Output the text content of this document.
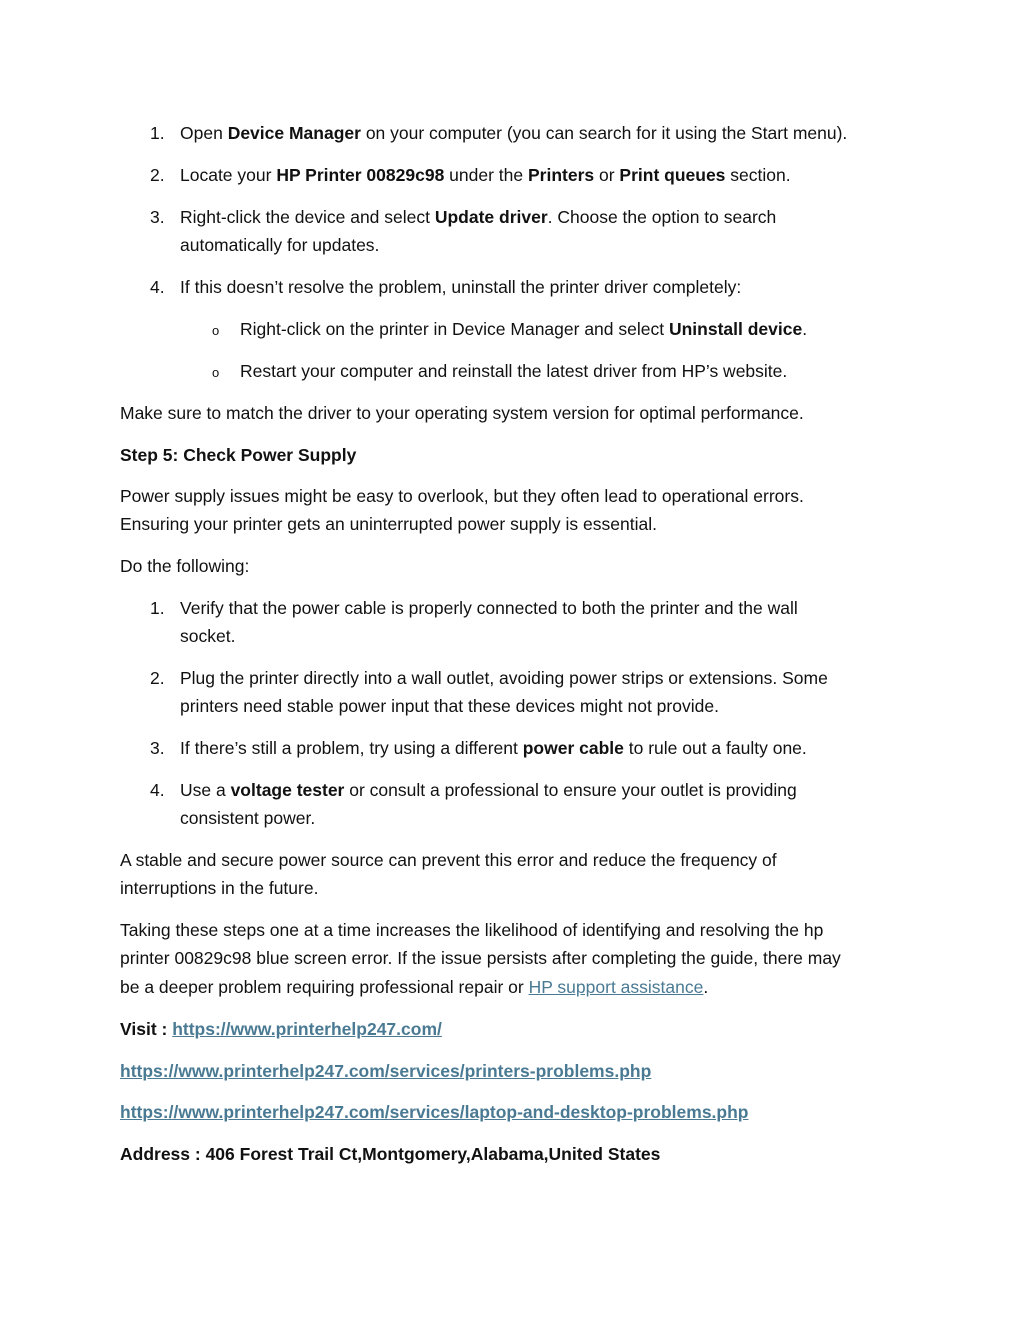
1. Open Device Manager on your computer (you can search for it using the Start menu).
2. Locate your HP Printer 00829c98 under the Printers or Print queues section.
3. Right-click the device and select Update driver. Choose the option to search
automatically for updates.
4. If this doesn’t resolve the problem, uninstall the printer driver completely:
o Right-click on the printer in Device Manager and select Uninstall device.
o Restart your computer and reinstall the latest driver from HP’s website.
Make sure to match the driver to your operating system version for optimal performance.
Step 5: Check Power Supply
Power supply issues might be easy to overlook, but they often lead to operational errors.
Ensuring your printer gets an uninterrupted power supply is essential.
Do the following:
1. Verify that the power cable is properly connected to both the printer and the wall
socket.
2. Plug the printer directly into a wall outlet, avoiding power strips or extensions. Some
printers need stable power input that these devices might not provide.
3. If there’s still a problem, try using a different power cable to rule out a faulty one.
4. Use a voltage tester or consult a professional to ensure your outlet is providing
consistent power.
A stable and secure power source can prevent this error and reduce the frequency of
interruptions in the future.
Taking these steps one at a time increases the likelihood of identifying and resolving the hp
printer 00829c98 blue screen error. If the issue persists after completing the guide, there may
be a deeper problem requiring professional repair or HP support assistance.
Visit : https://www.printerhelp247.com/
https://www.printerhelp247.com/services/printers-problems.php
https://www.printerhelp247.com/services/laptop-and-desktop-problems.php
Address : 406 Forest Trail Ct,Montgomery,Alabama,United States
